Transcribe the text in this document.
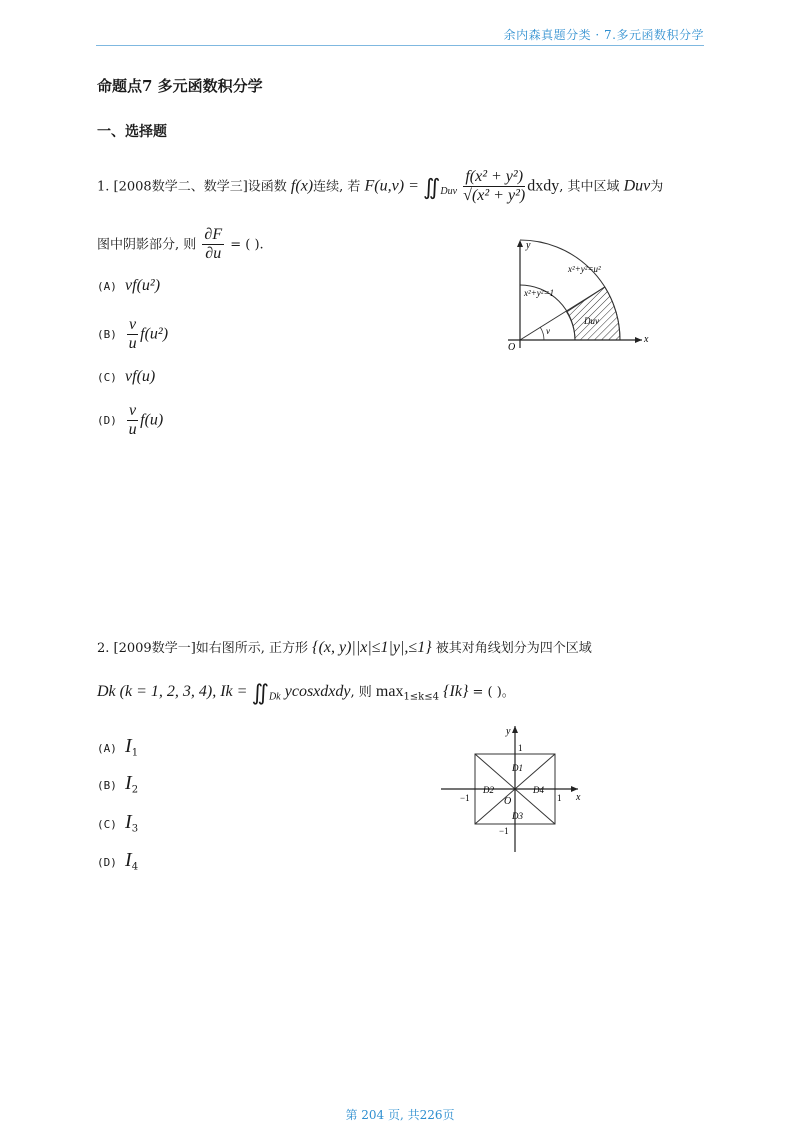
余内森真题分类 · 7.多元函数积分学
命题点7 多元函数积分学
一、选择题
1. [2008数学二、数学三]设函数 f(x)连续, 若 $F(u,v) = ∬_{Duv} \frac{\text{f(x² + y²)}}{\text{√(x² + y²)}}$ dxdy, 其中区域 Duv为
图中阴影部分, 则 $\frac{\partial F}{\partial u}$ = ( ).
(A) vf(u²)
$(B) \frac{v}{u} f(u^2)$
(C) vf(u)
$(D) \frac{v}{u} f(u)$
y
x
O
x²+y²=u²
x²+y²=1
v
Duv
2. [2009数学一]如右图所示, 正方形 {(x, y)||x|≤1|y|,≤1} 被其对角线划分为四个区域
Dk (k = 1, 2, 3, 4), $Ik = ∬_{Dk}$ ycosxdxdy, 则 $\max_{1\le k\le 4} \{Ik\}$ = ( )。
(A) $I_1$
(B) $I_2$
(C) $I_3$
(D) $I_4$
y
x
O
1
1
−1
−1
D1
D2
D3
D4
第 204 页, 共226页
